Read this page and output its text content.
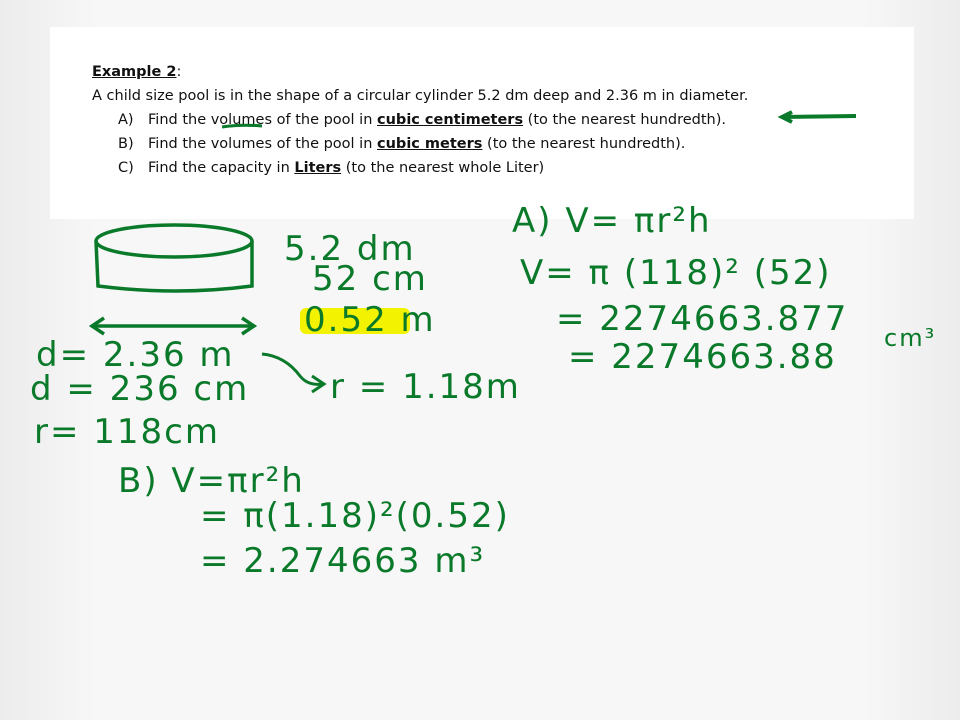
Example 2:
A child size pool is in the shape of a circular cylinder 5.2 dm deep and 2.36 m in diameter.
A) Find the volumes of the pool in cubic centimeters (to the nearest hundredth).
B) Find the volumes of the pool in cubic meters (to the nearest hundredth).
C) Find the capacity in Liters (to the nearest whole Liter)
5.2 dm
52 cm
0.52 m
d= 2.36 m
d = 236 cm
r= 118cm
r = 1.18m
A) V= πr²h
V= π (118)² (52)
= 2274663.877 cm³
= 2274663.88
B) V=πr²h
= π(1.18)²(0.52)
= 2.274663 m³
